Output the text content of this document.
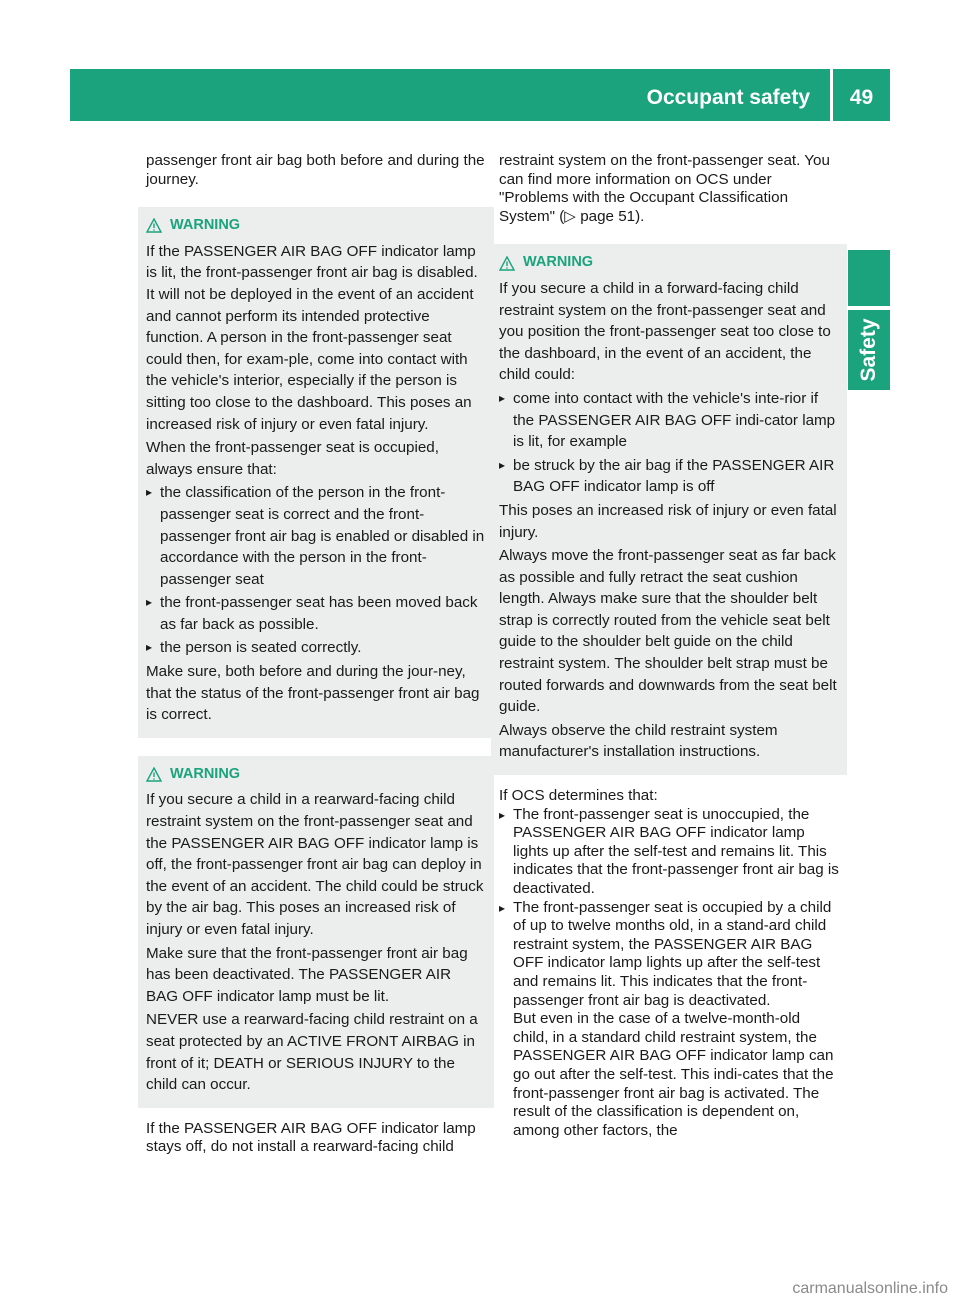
Occupant safety	49
Safety

passenger front air bag both before and during the journey.

WARNING

If the PASSENGER AIR BAG OFF indicator lamp is lit, the front-passenger front air bag is disabled. It will not be deployed in the event of an accident and cannot perform its intended protective function. A person in the front-passenger seat could then, for exam-ple, come into contact with the vehicle's interior, especially if the person is sitting too close to the dashboard. This poses an increased risk of injury or even fatal injury.

When the front-passenger seat is occupied, always ensure that:

▸ the classification of the person in the front-passenger seat is correct and the front-passenger front air bag is enabled or disabled in accordance with the person in the front-passenger seat

▸ the front-passenger seat has been moved back as far back as possible.

▸ the person is seated correctly.

Make sure, both before and during the jour-ney, that the status of the front-passenger front air bag is correct.

WARNING

If you secure a child in a rearward-facing child restraint system on the front-passenger seat and the PASSENGER AIR BAG OFF indicator lamp is off, the front-passenger front air bag can deploy in the event of an accident. The child could be struck by the air bag. This poses an increased risk of injury or even fatal injury.

Make sure that the front-passenger front air bag has been deactivated. The PASSENGER AIR BAG OFF indicator lamp must be lit.

NEVER use a rearward-facing child restraint on a seat protected by an ACTIVE FRONT AIRBAG in front of it; DEATH or SERIOUS INJURY to the child can occur.

If the PASSENGER AIR BAG OFF indicator lamp stays off, do not install a rearward-facing child

restraint system on the front-passenger seat. You can find more information on OCS under "Problems with the Occupant Classification System" (▷ page 51).

WARNING

If you secure a child in a forward-facing child restraint system on the front-passenger seat and you position the front-passenger seat too close to the dashboard, in the event of an accident, the child could:

▸ come into contact with the vehicle's inte-rior if the PASSENGER AIR BAG OFF indi-cator lamp is lit, for example

▸ be struck by the air bag if the PASSENGER AIR BAG OFF indicator lamp is off

This poses an increased risk of injury or even fatal injury.

Always move the front-passenger seat as far back as possible and fully retract the seat cushion length. Always make sure that the shoulder belt strap is correctly routed from the vehicle seat belt guide to the shoulder belt guide on the child restraint system. The shoulder belt strap must be routed forwards and downwards from the seat belt guide.

Always observe the child restraint system manufacturer's installation instructions.

If OCS determines that:

▸ The front-passenger seat is unoccupied, the PASSENGER AIR BAG OFF indicator lamp lights up after the self-test and remains lit. This indicates that the front-passenger front air bag is deactivated.

▸ The front-passenger seat is occupied by a child of up to twelve months old, in a stand-ard child restraint system, the PASSENGER AIR BAG OFF indicator lamp lights up after the self-test and remains lit. This indicates that the front-passenger front air bag is deactivated.

But even in the case of a twelve-month-old child, in a standard child restraint system, the PASSENGER AIR BAG OFF indicator lamp can go out after the self-test. This indi-cates that the front-passenger front air bag is activated. The result of the classification is dependent on, among other factors, the

carmanualsonline.info
